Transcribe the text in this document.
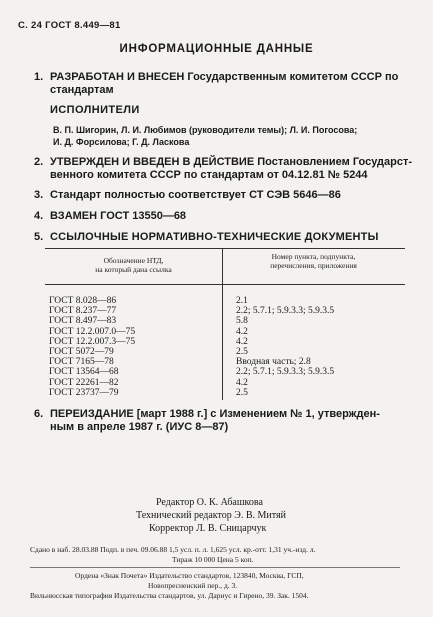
С. 24 ГОСТ 8.449—81
ИНФОРМАЦИОННЫЕ ДАННЫЕ
1. РАЗРАБОТАН И ВНЕСЕН Государственным комитетом СССР по
стандартам
ИСПОЛНИТЕЛИ
В. П. Шигорин, Л. И. Любимов (руководители темы); Л. И. Погосова;
И. Д. Форсилова; Г. Д. Ласкова
2. УТВЕРЖДЕН И ВВЕДЕН В ДЕЙСТВИЕ Постановлением Государст-
венного комитета СССР по стандартам от 04.12.81 № 5244
3. Стандарт полностью соответствует СТ СЭВ 5646—86
4. ВЗАМЕН ГОСТ 13550—68
5. ССЫЛОЧНЫЕ НОРМАТИВНО-ТЕХНИЧЕСКИЕ ДОКУМЕНТЫ
Обозначение НТД,
на который дана ссылка
Номер пункта, подпункта,
перечисления, приложения
ГОСТ 8.028—86	2.1
ГОСТ 8.237—77	2.2; 5.7.1; 5.9.3.3; 5.9.3.5
ГОСТ 8.497—83	5.8
ГОСТ 12.2.007.0—75	4.2
ГОСТ 12.2.007.3—75	4.2
ГОСТ 5072—79	2.5
ГОСТ 7165—78	Вводная часть; 2.8
ГОСТ 13564—68	2.2; 5.7.1; 5.9.3.3; 5.9.3.5
ГОСТ 22261—82	4.2
ГОСТ 23737—79	2.5
6. ПЕРЕИЗДАНИЕ [март 1988 г.] с Изменением № 1, утвержден-
ным в апреле 1987 г. (ИУС 8—87)
Редактор О. К. Абашкова
Технический редактор Э. В. Митяй
Корректор Л. В. Сницарчук
Сдано в наб. 28.03.88 Подп. в печ. 09.06.88 1,5 усл. п. л. 1,625 усл. кр.-отт. 1,31 уч.-изд. л.
Тираж 10 000 Цена 5 коп.
Ордена «Знак Почета» Издательство стандартов, 123840, Москва, ГСП,
Новопресненский пер., д. 3.
Вильнюсская типография Издательства стандартов, ул. Дариус и Гирено, 39. Зак. 1504.
